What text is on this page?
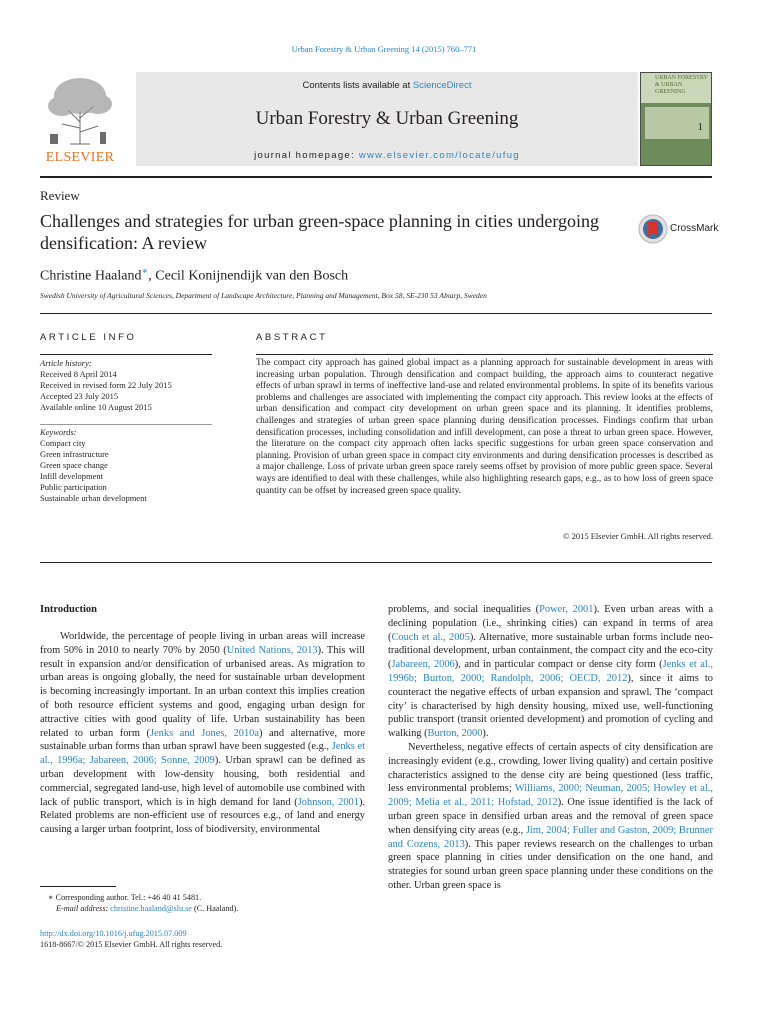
Urban Forestry & Urban Greening 14 (2015) 760–771
ELSEVIER
Contents lists available at ScienceDirect
Urban Forestry & Urban Greening
journal homepage: www.elsevier.com/locate/ufug
URBAN FORESTRY & URBAN GREENING
1
Review
Challenges and strategies for urban green-space planning in cities undergoing densification: A review
CrossMark
Christine Haaland∗, Cecil Konijnendijk van den Bosch
Swedish University of Agricultural Sciences, Department of Landscape Architecture, Planning and Management, Box 58, SE-230 53 Alnarp, Sweden
ARTICLE INFO
Article history:
Received 8 April 2014
Received in revised form 22 July 2015
Accepted 23 July 2015
Available online 10 August 2015
Keywords:
Compact city
Green infrastructure
Green space change
Infill development
Public participation
Sustainable urban development
ABSTRACT
The compact city approach has gained global impact as a planning approach for sustainable development in areas with increasing urban population. Through densification and compact building, the approach aims to counteract negative effects of urban sprawl in terms of ineffective land-use and related environmental problems. In spite of its benefits various problems and challenges are associated with implementing the compact city approach. This review looks at the effects of urban densification and compact city development on urban green space and its planning. It identifies problems, challenges and strategies of urban green space planning during densification processes. Findings confirm that urban densification processes, including consolidation and infill development, can pose a threat to urban green space. However, the literature on the compact city approach often lacks specific suggestions for urban green space conservation and planning. Provision of urban green space in compact city environments and during densification processes is described as a major challenge. Loss of private urban green space rarely seems offset by provision of more public green space. Several ways are identified to deal with these challenges, while also highlighting research gaps, e.g., as to how loss of green space quantity can be offset by increased green space quality.
© 2015 Elsevier GmbH. All rights reserved.
Introduction

Worldwide, the percentage of people living in urban areas will increase from 50% in 2010 to nearly 70% by 2050 (United Nations, 2013). This will result in expansion and/or densification of urbanised areas. As migration to urban areas is ongoing globally, the need for sustainable urban development is becoming increasingly important. In an urban context this implies creation of both resource efficient systems and good, engaging urban design for attractive cities with good quality of life. Urban sustainability has been related to urban form (Jenks and Jones, 2010a) and alternative, more sustainable urban forms than urban sprawl have been suggested (e.g., Jenks et al., 1996a; Jabareen, 2006; Sonne, 2009). Urban sprawl can be defined as urban development with low-density housing, both residential and commercial, segregated land-use, high level of automobile use combined with lack of public transport, which is in high demand for land (Johnson, 2001). Related problems are non-efficient use of resources e.g., of land and energy causing a larger urban footprint, loss of biodiversity, environmental

problems, and social inequalities (Power, 2001). Even urban areas with a declining population (i.e., shrinking cities) can expand in terms of area (Couch et al., 2005). Alternative, more sustainable urban forms include neo-traditional development, urban containment, the compact city and the eco-city (Jabareen, 2006), and in particular compact or dense city form (Jenks et al., 1996b; Burton, 2000; Randolph, 2006; OECD, 2012), since it aims to counteract the negative effects of urban expansion and sprawl. The ‘compact city’ is characterised by high density housing, mixed use, well-functioning public transport (transit oriented development) and promotion of cycling and walking (Burton, 2000).

Nevertheless, negative effects of certain aspects of city densification are increasingly evident (e.g., crowding, lower living quality) and certain positive characteristics assigned to the dense city are being questioned (less traffic, less environmental problems; Williams, 2000; Neuman, 2005; Howley et al., 2009; Melia et al., 2011; Hofstad, 2012). One issue identified is the lack of urban green space in densified urban areas and the removal of green space when densifying city areas (e.g., Jim, 2004; Fuller and Gaston, 2009; Brunner and Cozens, 2013). This paper reviews research on the challenges to urban green space planning in cities under densification on the one hand, and strategies for sound urban green space planning under these conditions on the other. Urban green space is

∗ Corresponding author. Tel.: +46 40 41 5481.
E-mail address: christine.haaland@slu.se (C. Haaland).
http://dx.doi.org/10.1016/j.ufug.2015.07.009
1618-8667/© 2015 Elsevier GmbH. All rights reserved.
